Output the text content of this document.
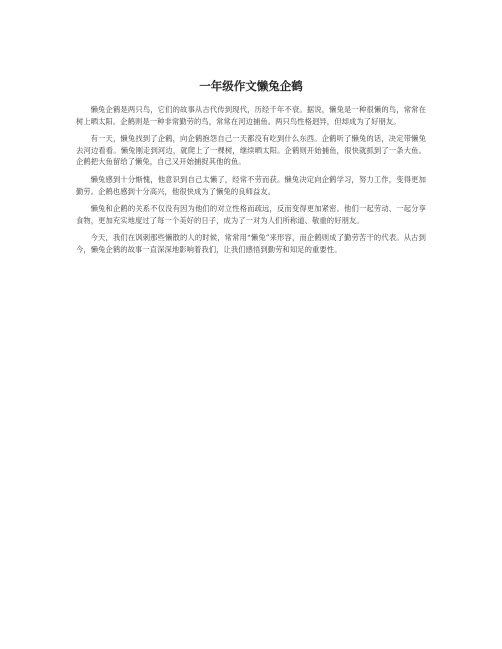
一年级作文懒兔企鹤

懒兔企鹤是两只鸟，它们的故事从古代传到现代，历经千年不衰。据说，懒兔是一种很懒的鸟，常常在树上晒太阳。企鹤则是一种非常勤劳的鸟，常常在河边捕鱼。两只鸟性格迥异，但却成为了好朋友。

有一天，懒兔找到了企鹤，向企鹤抱怨自己一天都没有吃到什么东西。企鹤听了懒兔的话，决定带懒兔去河边看看。懒兔刚走到河边，就爬上了一棵树，继续晒太阳。企鹤则开始捕鱼，很快就抓到了一条大鱼。企鹤把大鱼留给了懒兔，自己又开始捕捉其他的鱼。

懒兔感到十分惭愧，他意识到自己太懒了，经常不劳而获。懒兔决定向企鹤学习，努力工作，变得更加勤劳。企鹤也感到十分高兴，他很快成为了懒兔的良师益友。

懒兔和企鹤的关系不仅没有因为他们的对立性格而疏远，反而变得更加紧密。他们一起劳动、一起分享食物，更加充实地度过了每一个美好的日子，成为了一对为人们所称道、敬重的好朋友。

今天，我们在讽刺那些懒散的人的时候，常常用“懒兔”来形容，而企鹤则成了勤劳苦干的代表。从古到今，懒兔企鹤的故事一直深深地影响着我们，让我们感悟到勤劳和知足的重要性。
